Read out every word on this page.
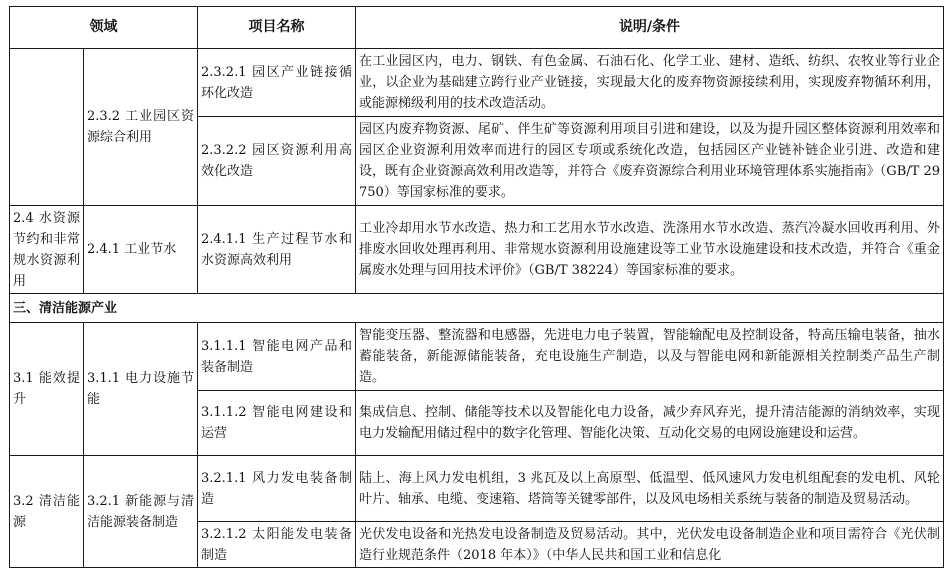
领域		项目名称	说明/条件
	2.3.2 工业园区资源综合利用	2.3.2.1 园区产业链接循环化改造	在工业园区内，电力、钢铁、有色金属、石油石化、化学工业、建材、造纸、纺织、农牧业等行业企业，以企业为基础建立跨行业产业链接，实现最大化的废弃物资源接续利用，实现废弃物循环利用，或能源梯级利用的技术改造活动。
		2.3.2.2 园区资源利用高效化改造	园区内废弃物资源、尾矿、伴生矿等资源利用项目引进和建设，以及为提升园区整体资源利用效率和园区企业资源利用效率而进行的园区专项或系统化改造，包括园区产业链补链企业引进、改造和建设，既有企业资源高效利用改造等，并符合《废弃资源综合利用业环境管理体系实施指南》（GB/T 29750）等国家标准的要求。
2.4 水资源节约和非常规水资源利用	2.4.1 工业节水	2.4.1.1 生产过程节水和水资源高效利用	工业冷却用水节水改造、热力和工艺用水节水改造、洗涤用水节水改造、蒸汽冷凝水回收再利用、外排废水回收处理再利用、非常规水资源利用设施建设等工业节水设施建设和技术改造，并符合《重金属废水处理与回用技术评价》（GB/T 38224）等国家标准的要求。
三、清洁能源产业			
3.1 能效提升	3.1.1 电力设施节能	3.1.1.1 智能电网产品和装备制造	智能变压器、整流器和电感器，先进电力电子装置，智能输配电及控制设备，特高压输电装备，抽水蓄能装备，新能源储能装备，充电设施生产制造，以及与智能电网和新能源相关控制类产品生产制造。
		3.1.1.2 智能电网建设和运营	集成信息、控制、储能等技术以及智能化电力设备，减少弃风弃光，提升清洁能源的消纳效率，实现电力发输配用储过程中的数字化管理、智能化决策、互动化交易的电网设施建设和运营。
3.2 清洁能源	3.2.1 新能源与清洁能源装备制造	3.2.1.1 风力发电装备制造	陆上、海上风力发电机组，3 兆瓦及以上高原型、低温型、低风速风力发电机组配套的发电机、风轮叶片、轴承、电缆、变速箱、塔筒等关键零部件，以及风电场相关系统与装备的制造及贸易活动。
		3.2.1.2 太阳能发电装备制造	光伏发电设备和光热发电设备制造及贸易活动。其中，光伏发电设备制造企业和项目需符合《光伏制造行业规范条件（2018 年本）》（中华人民共和国工业和信息化
